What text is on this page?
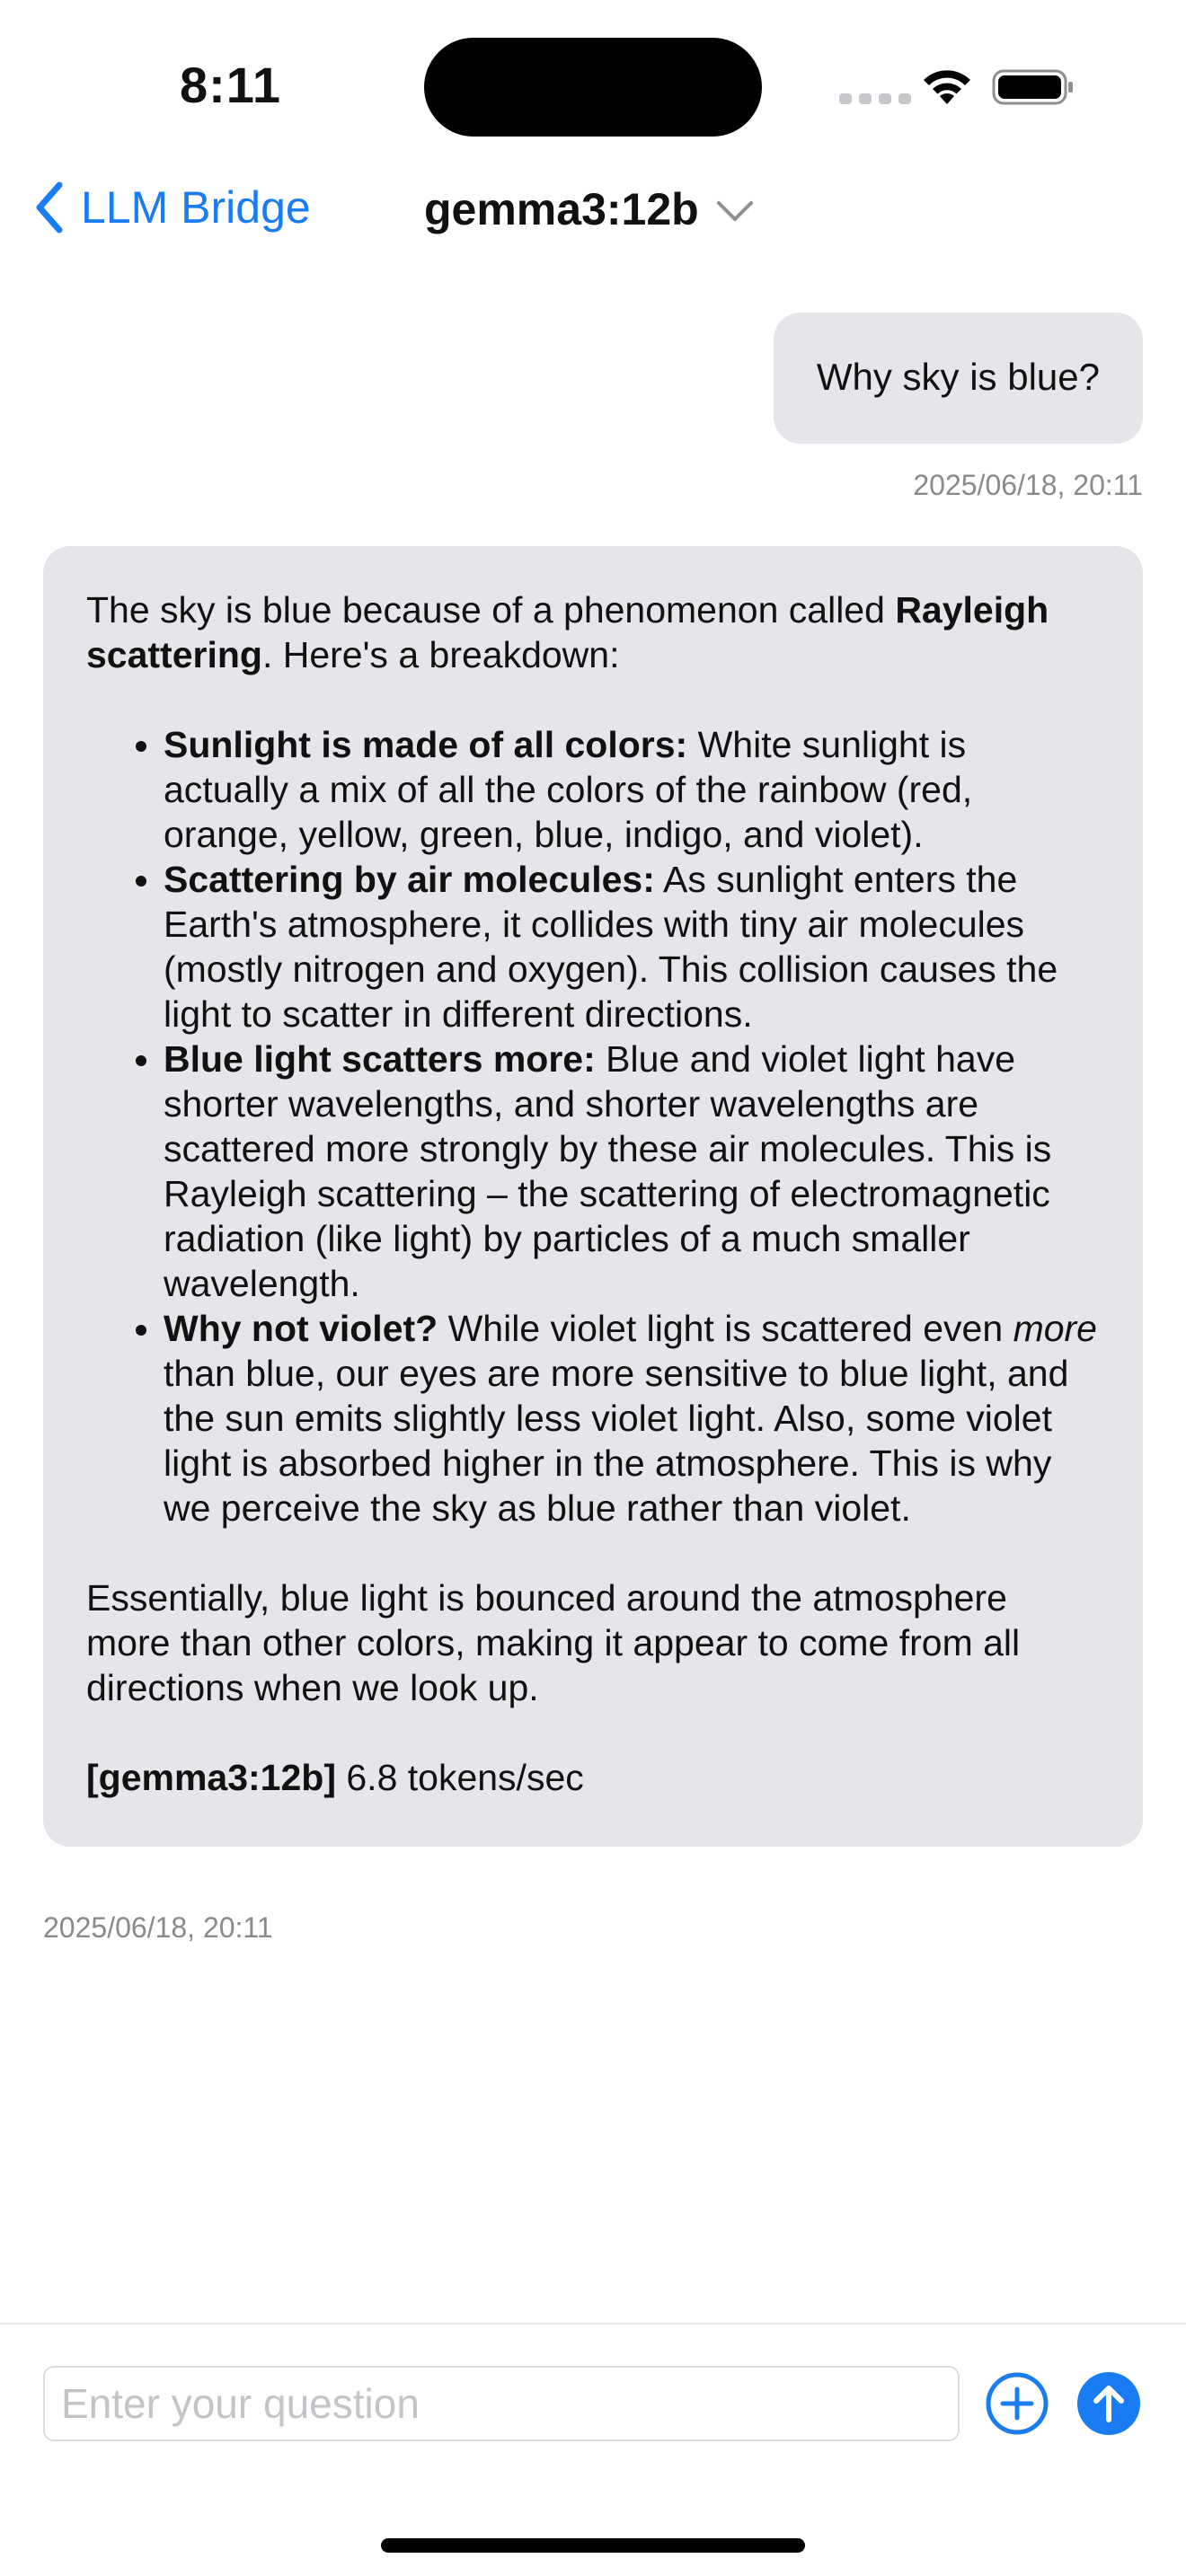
8:11
LLM Bridge	gemma3:12b
Why sky is blue?
2025/06/18, 20:11

The sky is blue because of a phenomenon called Rayleigh scattering. Here's a breakdown:

• Sunlight is made of all colors: White sunlight is actually a mix of all the colors of the rainbow (red, orange, yellow, green, blue, indigo, and violet).
• Scattering by air molecules: As sunlight enters the Earth's atmosphere, it collides with tiny air molecules (mostly nitrogen and oxygen). This collision causes the light to scatter in different directions.
• Blue light scatters more: Blue and violet light have shorter wavelengths, and shorter wavelengths are scattered more strongly by these air molecules. This is Rayleigh scattering – the scattering of electromagnetic radiation (like light) by particles of a much smaller wavelength.
• Why not violet? While violet light is scattered even more than blue, our eyes are more sensitive to blue light, and the sun emits slightly less violet light. Also, some violet light is absorbed higher in the atmosphere. This is why we perceive the sky as blue rather than violet.

Essentially, blue light is bounced around the atmosphere more than other colors, making it appear to come from all directions when we look up.

[gemma3:12b] 6.8 tokens/sec

2025/06/18, 20:11
Enter your question
